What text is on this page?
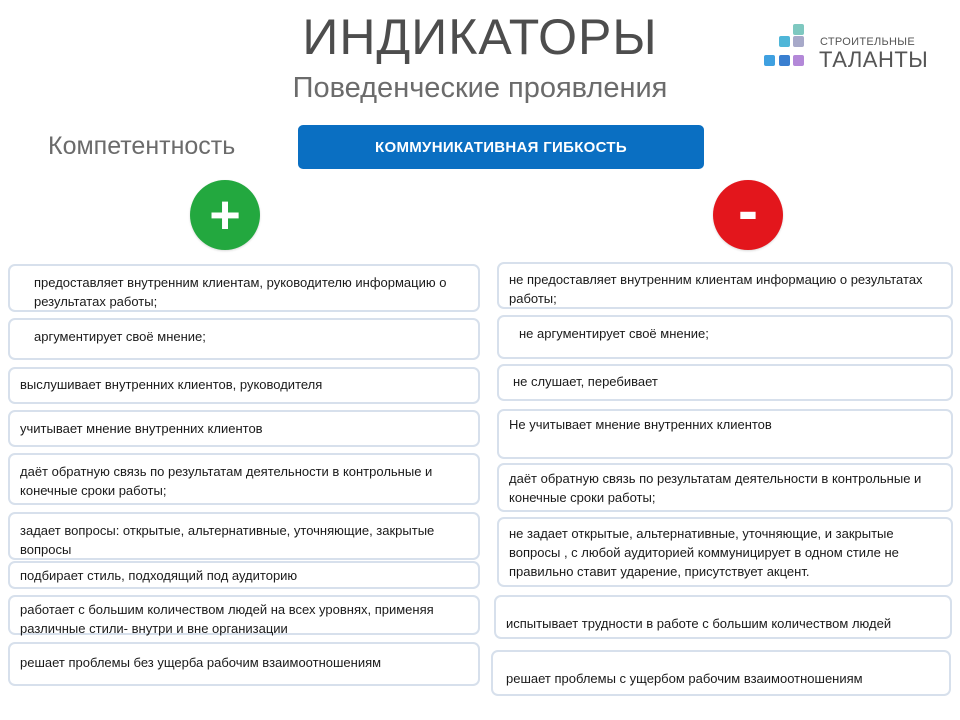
ИНДИКАТОРЫ
Поведенческие проявления
СТРОИТЕЛЬНЫЕ
ТАЛАНТЫ
Компетентность	КОММУНИКАТИВНАЯ ГИБКОСТЬ
+	-
предоставляет внутренним клиентам, руководителю информацию о результатах работы;
аргументирует своё мнение;
выслушивает внутренних клиентов, руководителя
учитывает мнение внутренних клиентов
даёт обратную связь по результатам деятельности в контрольные и конечные сроки работы;
задает вопросы: открытые, альтернативные, уточняющие, закрытые вопросы
подбирает стиль, подходящий под аудиторию
работает с большим количеством людей на всех уровнях, применяя различные стили- внутри и вне организации
решает проблемы без ущерба рабочим взаимоотношениям
не предоставляет внутренним клиентам информацию о результатах работы;
не аргументирует своё мнение;
не слушает, перебивает
Не учитывает мнение внутренних клиентов
даёт обратную связь по результатам деятельности в контрольные и конечные сроки работы;
не задает открытые, альтернативные, уточняющие, и закрытые вопросы , с любой аудиторией коммуницирует в одном стиле не правильно ставит ударение, присутствует акцент.
испытывает трудности в работе с большим количеством людей
решает проблемы с ущербом рабочим взаимоотношениям
